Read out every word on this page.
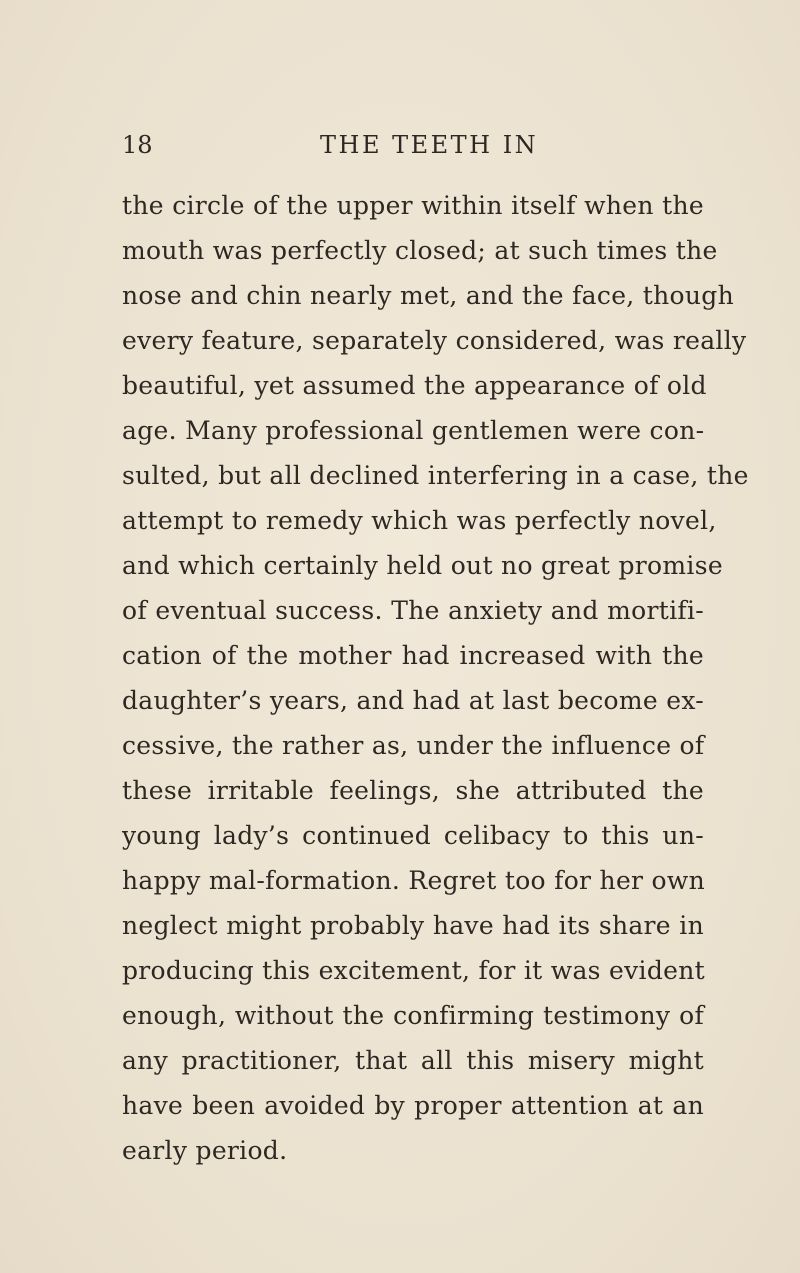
18	THE TEETH IN
the circle of the upper within itself when the
mouth was perfectly closed; at such times the
nose and chin nearly met, and the face, though
every feature, separately considered, was really
beautiful, yet assumed the appearance of old
age. Many professional gentlemen were con-
sulted, but all declined interfering in a case, the
attempt to remedy which was perfectly novel,
and which certainly held out no great promise
of eventual success. The anxiety and mortifi-
cation of the mother had increased with the
daughter’s years, and had at last become ex-
cessive, the rather as, under the influence of
these irritable feelings, she attributed the
young lady’s continued celibacy to this un-
happy mal-formation. Regret too for her own
neglect might probably have had its share in
producing this excitement, for it was evident
enough, without the confirming testimony of
any practitioner, that all this misery might
have been avoided by proper attention at an
early period.
